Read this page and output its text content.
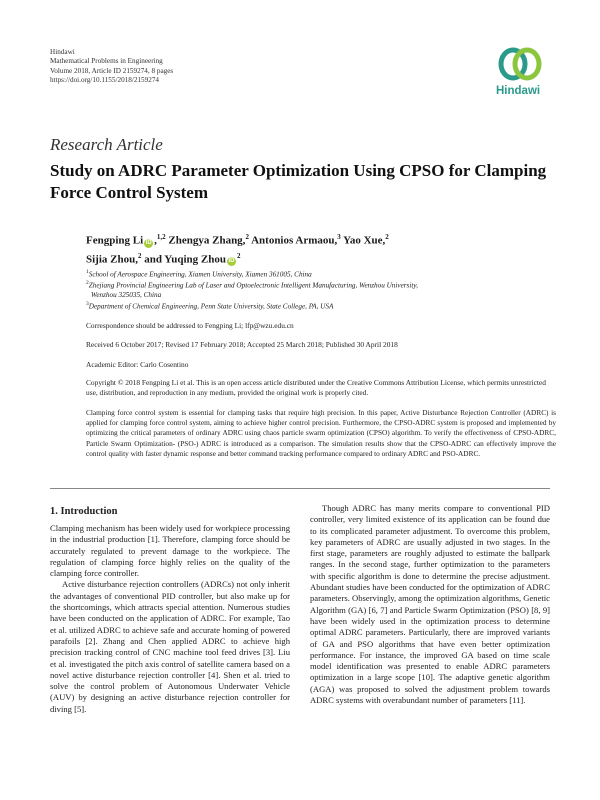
Hindawi
Mathematical Problems in Engineering
Volume 2018, Article ID 2159274, 8 pages
https://doi.org/10.1155/2018/2159274
Hindawi
Research Article
Study on ADRC Parameter Optimization Using CPSO for Clamping Force Control System
Fengping Li iD ,$^{1,2}$ Zhengya Zhang,$^2$ Antonios Armaou,$^3$ Yao Xue,$^2$
Sijia Zhou,$^2$ and Yuqing Zhou $iD^2$
$^1$School of Aerospace Engineering, Xiamen University, Xiamen 361005, China
$^2$Zhejiang Provincial Engineering Lab of Laser and Optoelectronic Intelligent Manufacturing, Wenzhou University,
Wenzhou 325035, China
$^3$Department of Chemical Engineering, Penn State University, State College, PA, USA
Correspondence should be addressed to Fengping Li; lfp@wzu.edu.cn
Received 6 October 2017; Revised 17 February 2018; Accepted 25 March 2018; Published 30 April 2018
Academic Editor: Carlo Cosentino
Copyright © 2018 Fengping Li et al. This is an open access article distributed under the Creative Commons Attribution License, which permits unrestricted use, distribution, and reproduction in any medium, provided the original work is properly cited.
Clamping force control system is essential for clamping tasks that require high precision. In this paper, Active Disturbance Rejection Controller (ADRC) is applied for clamping force control system, aiming to achieve higher control precision. Furthermore, the CPSO-ADRC system is proposed and implemented by optimizing the critical parameters of ordinary ADRC using chaos particle swarm optimization (CPSO) algorithm. To verify the effectiveness of CPSO-ADRC, Particle Swarm Optimization- (PSO-) ADRC is introduced as a comparison. The simulation results show that the CPSO-ADRC can effectively improve the control quality with faster dynamic response and better command tracking performance compared to ordinary ADRC and PSO-ADRC.
1. Introduction

Clamping mechanism has been widely used for workpiece processing in the industrial production [1]. Therefore, clamping force should be accurately regulated to prevent damage to the workpiece. The regulation of clamping force highly relies on the quality of the clamping force controller.

Active disturbance rejection controllers (ADRCs) not only inherit the advantages of conventional PID controller, but also make up for the shortcomings, which attracts special attention. Numerous studies have been conducted on the application of ADRC. For example, Tao et al. utilized ADRC to achieve safe and accurate homing of powered parafoils [2]. Zhang and Chen applied ADRC to achieve high precision tracking control of CNC machine tool feed drives [3]. Liu et al. investigated the pitch axis control of satellite camera based on a novel active disturbance rejection controller [4]. Shen et al. tried to solve the control problem of Autonomous Underwater Vehicle (AUV) by designing an active disturbance rejection controller for diving [5].

Though ADRC has many merits compare to conventional PID controller, very limited existence of its application can be found due to its complicated parameter adjustment. To overcome this problem, key parameters of ADRC are usually adjusted in two stages. In the first stage, parameters are roughly adjusted to estimate the ballpark ranges. In the second stage, further optimization to the parameters with specific algorithm is done to determine the precise adjustment. Abundant studies have been conducted for the optimization of ADRC parameters. Observingly, among the optimization algorithms, Genetic Algorithm (GA) [6, 7] and Particle Swarm Optimization (PSO) [8, 9] have been widely used in the optimization process to determine optimal ADRC parameters. Particularly, there are improved variants of GA and PSO algorithms that have even better optimization performance. For instance, the improved GA based on time scale model identification was presented to enable ADRC parameters optimization in a large scope [10]. The adaptive genetic algorithm (AGA) was proposed to solved the adjustment problem towards ADRC systems with overabundant number of parameters [11].
